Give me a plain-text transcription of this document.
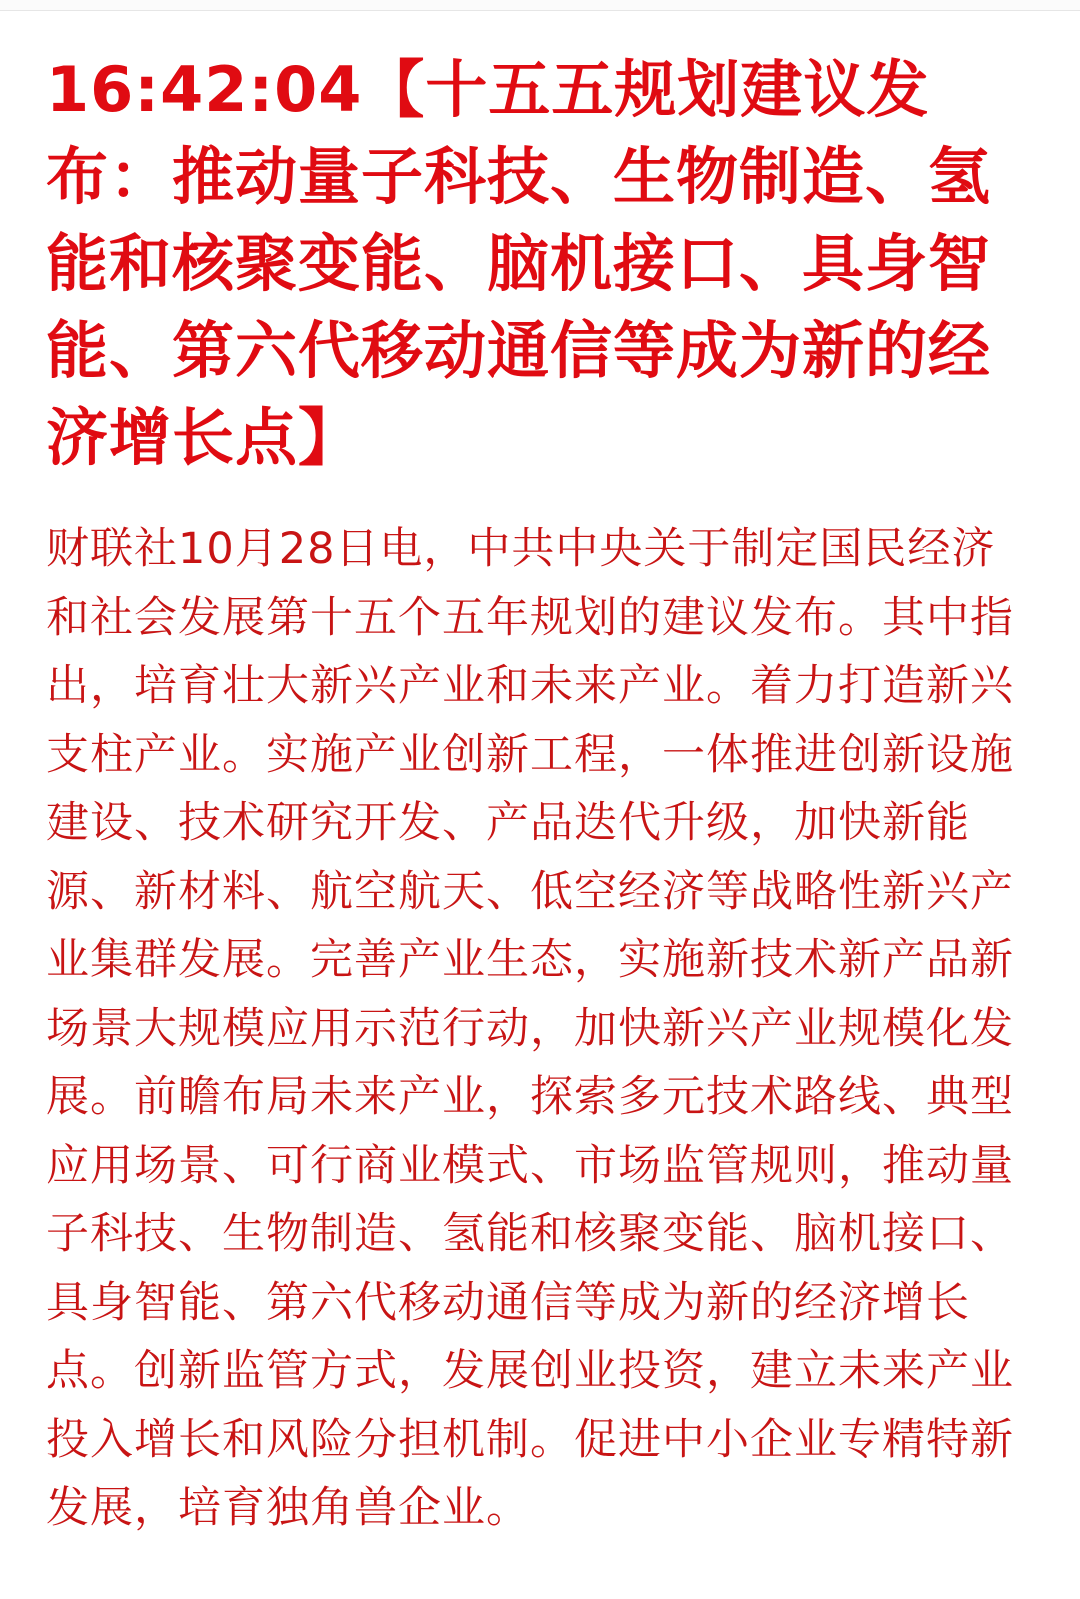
16:42:04【十五五规划建议发布：推动量子科技、生物制造、氢能和核聚变能、脑机接口、具身智能、第六代移动通信等成为新的经济增长点】

财联社10月28日电，中共中央关于制定国民经济和社会发展第十五个五年规划的建议发布。其中指出，培育壮大新兴产业和未来产业。着力打造新兴支柱产业。实施产业创新工程，一体推进创新设施建设、技术研究开发、产品迭代升级，加快新能源、新材料、航空航天、低空经济等战略性新兴产业集群发展。完善产业生态，实施新技术新产品新场景大规模应用示范行动，加快新兴产业规模化发展。前瞻布局未来产业，探索多元技术路线、典型应用场景、可行商业模式、市场监管规则，推动量子科技、生物制造、氢能和核聚变能、脑机接口、具身智能、第六代移动通信等成为新的经济增长点。创新监管方式，发展创业投资，建立未来产业投入增长和风险分担机制。促进中小企业专精特新发展，培育独角兽企业。
